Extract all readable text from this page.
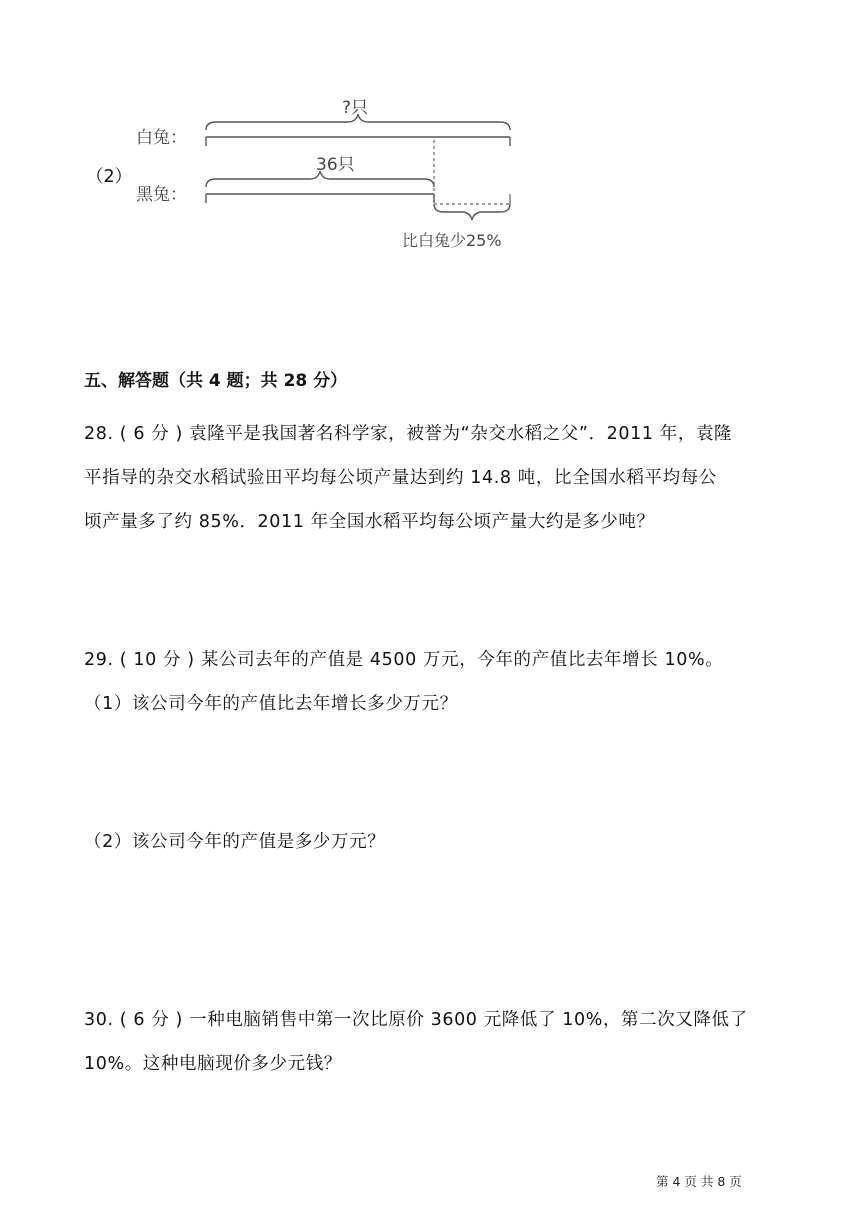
（2）
白兔：
?只
黑兔：
36只
比白兔少25%
五、解答题（共 4 题；共 28 分）
28. ( 6 分 ) 袁隆平是我国著名科学家，被誉为“杂交水稻之父”．2011 年，袁隆
平指导的杂交水稻试验田平均每公顷产量达到约 14.8 吨，比全国水稻平均每公
顷产量多了约 85%．2011 年全国水稻平均每公顷产量大约是多少吨？
29. ( 10 分 ) 某公司去年的产值是 4500 万元，今年的产值比去年增长 10%。
（1）该公司今年的产值比去年增长多少万元？
（2）该公司今年的产值是多少万元？
30. ( 6 分 ) 一种电脑销售中第一次比原价 3600 元降低了 10%，第二次又降低了
10%。这种电脑现价多少元钱？
第 4 页 共 8 页
